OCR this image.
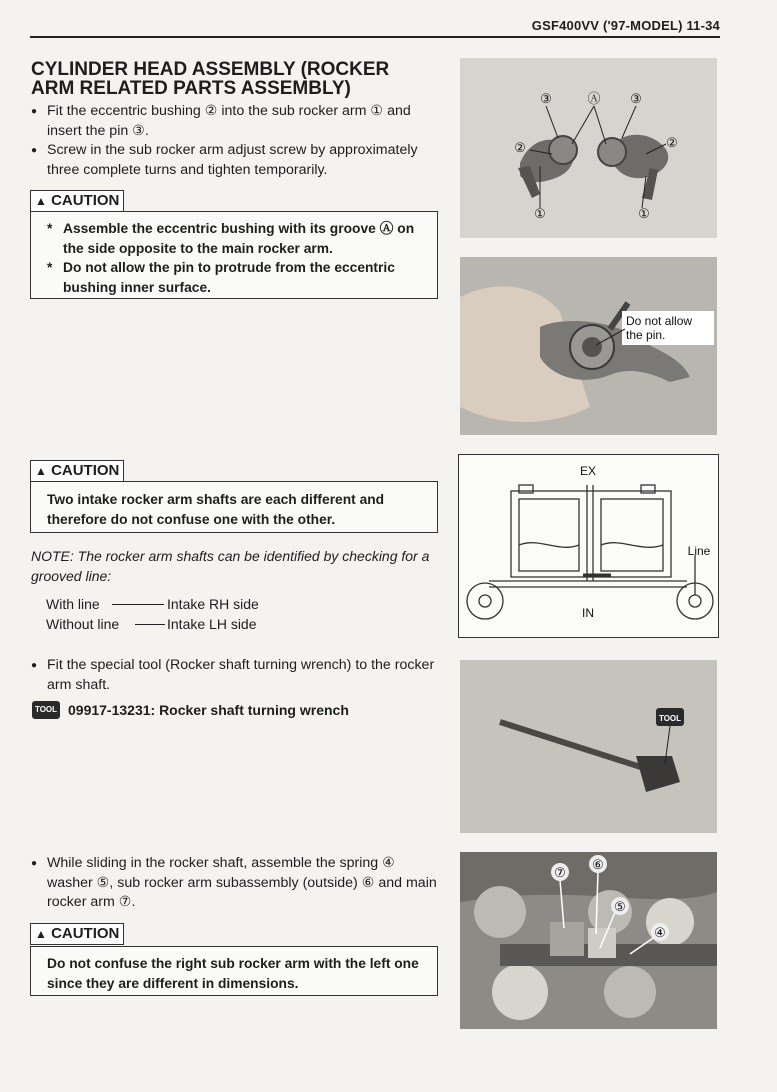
GSF400VV ('97-MODEL) 11-34
CYLINDER HEAD ASSEMBLY (ROCKER
ARM RELATED PARTS ASSEMBLY)
● Fit the eccentric bushing ② into the sub rocker arm ① and insert the pin ③.
● Screw in the sub rocker arm adjust screw by approximately three complete turns and tighten temporarily.
▲ CAUTION
* Assemble the eccentric bushing with its groove Ⓐ on the side opposite to the main rocker arm.
* Do not allow the pin to protrude from the eccentric bushing inner surface.
③	Ⓐ ③
②	②
①	①
Do not allow
the pin.
▲ CAUTION
Two intake rocker arm shafts are each different and therefore do not confuse one with the other.
NOTE: The rocker arm shafts can be identified by checking for a grooved line:
With line	Intake RH side
Without line	Intake LH side
EX
IN
Line
● Fit the special tool (Rocker shaft turning wrench) to the rocker arm shaft.
TOOL 09917-13231: Rocker shaft turning wrench
TOOL
● While sliding in the rocker shaft, assemble the spring ④ washer ⑤, sub rocker arm subassembly (outside) ⑥ and main rocker arm ⑦.
▲ CAUTION
Do not confuse the right sub rocker arm with the left one since they are different in dimensions.
⑦
⑥
⑤
④
